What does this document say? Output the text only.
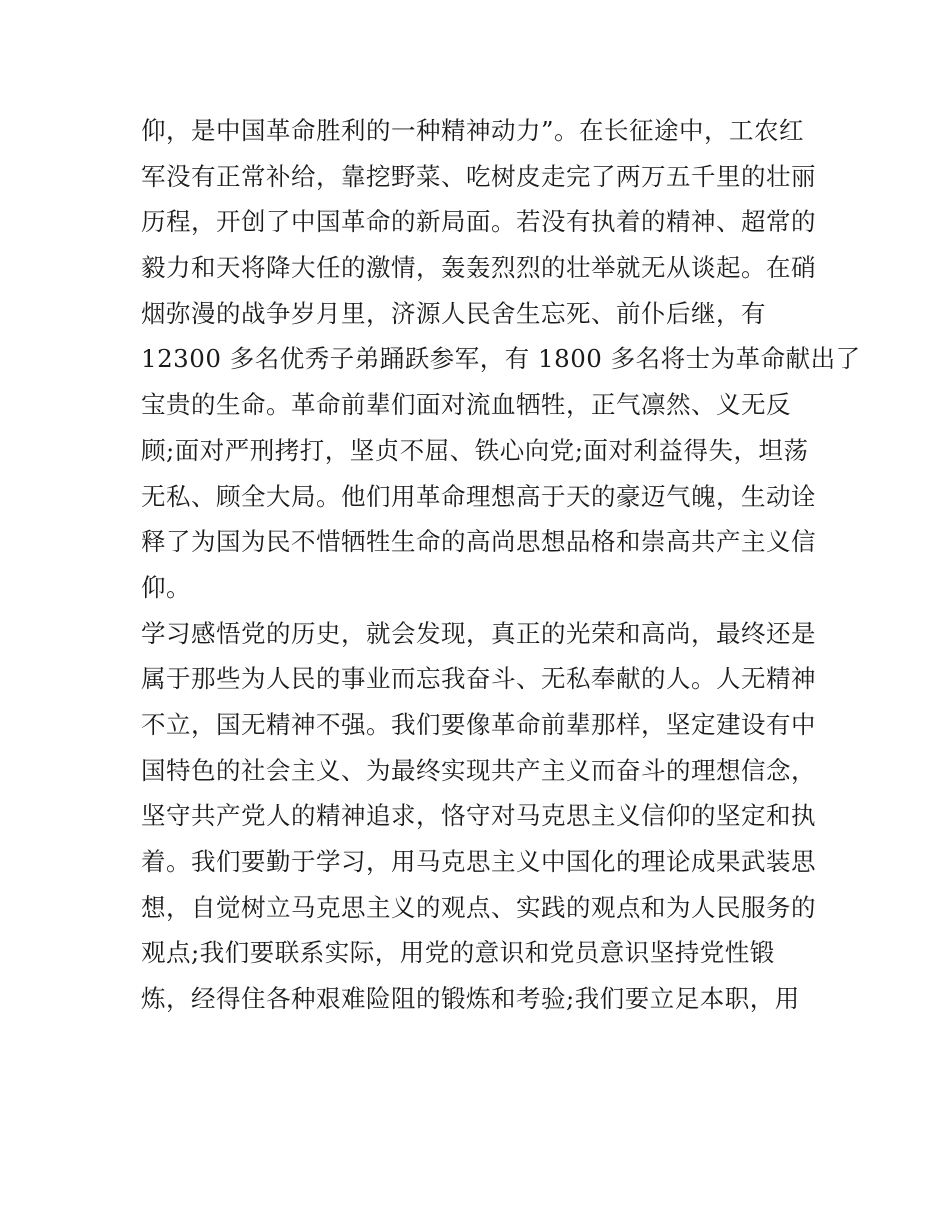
仰，是中国革命胜利的一种精神动力”。在长征途中，工农红
军没有正常补给，靠挖野菜、吃树皮走完了两万五千里的壮丽
历程，开创了中国革命的新局面。若没有执着的精神、超常的
毅力和天将降大任的激情，轰轰烈烈的壮举就无从谈起。在硝
烟弥漫的战争岁月里，济源人民舍生忘死、前仆后继，有
12300 多名优秀子弟踊跃参军，有 1800 多名将士为革命献出了
宝贵的生命。革命前辈们面对流血牺牲，正气凛然、义无反
顾;面对严刑拷打，坚贞不屈、铁心向党;面对利益得失，坦荡
无私、顾全大局。他们用革命理想高于天的豪迈气魄，生动诠
释了为国为民不惜牺牲生命的高尚思想品格和崇高共产主义信
仰。
学习感悟党的历史，就会发现，真正的光荣和高尚，最终还是
属于那些为人民的事业而忘我奋斗、无私奉献的人。人无精神
不立，国无精神不强。我们要像革命前辈那样，坚定建设有中
国特色的社会主义、为最终实现共产主义而奋斗的理想信念，
坚守共产党人的精神追求，恪守对马克思主义信仰的坚定和执
着。我们要勤于学习，用马克思主义中国化的理论成果武装思
想，自觉树立马克思主义的观点、实践的观点和为人民服务的
观点;我们要联系实际，用党的意识和党员意识坚持党性锻
炼，经得住各种艰难险阻的锻炼和考验;我们要立足本职，用
